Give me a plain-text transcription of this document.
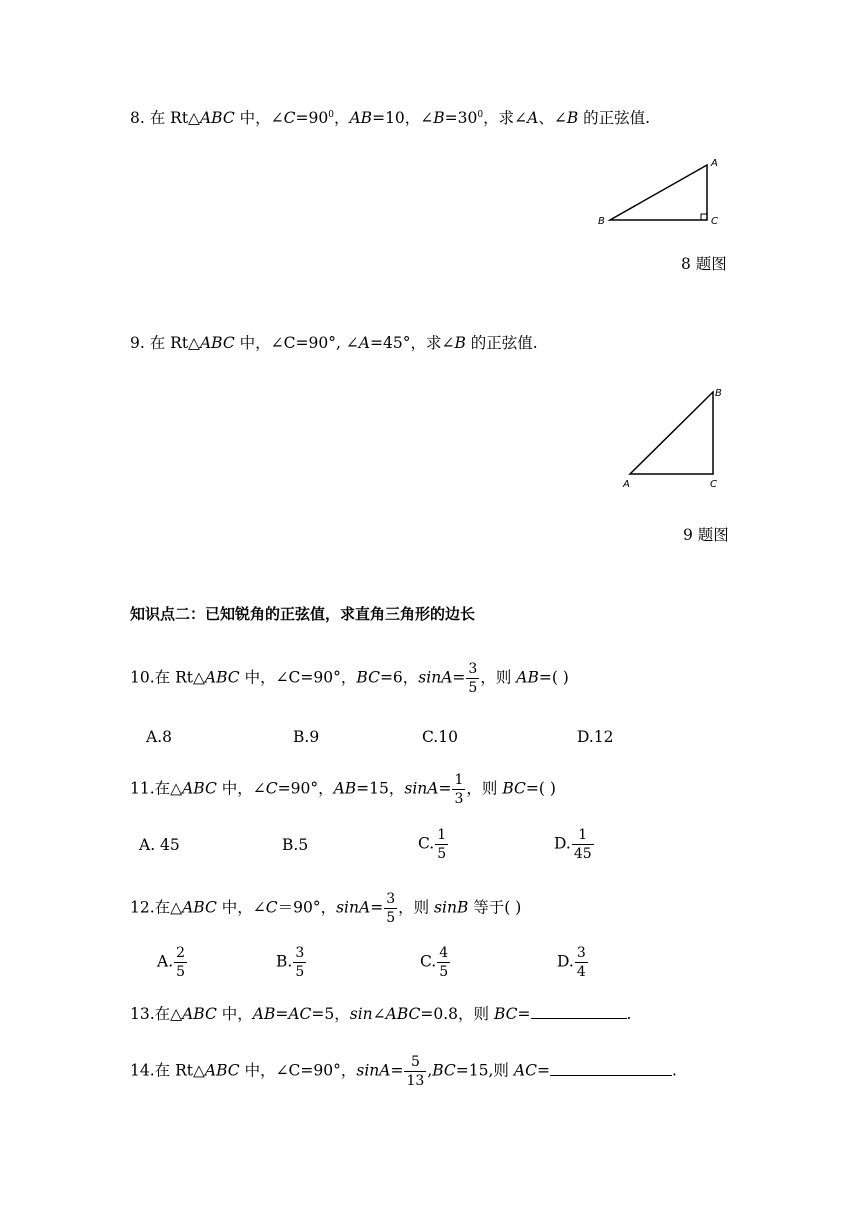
8. 在 Rt△ABC 中，$\angle C=90^0$，AB=10，$\angle B=30^0$，求∠A、∠B 的正弦值.
A
B	C
8 题图
9. 在 Rt△ABC 中，∠C=90°, ∠A=45°，求∠B 的正弦值.
B
A	C
9 题图
知识点二：已知锐角的正弦值，求直角三角形的边长
10.在 Rt△ABC 中，∠C=90°，BC=6，$\sin A= \frac{3}{5}$ ，则 AB=( )
A.8	B.9	C.10	D.12
11.在△ABC 中，∠C=90°，AB=15，$\sin A= \frac{1}{3}$ ，则 BC=( )
A. 45	B.5	C. $\frac{1}{5}$	D. $\frac{1}{45}$
12.在△ABC 中，∠C＝90°，$\sin A= \frac{3}{5}$ ，则 sinB 等于( )
A. $\frac{2}{5}$	B. $\frac{3}{5}$	C. $\frac{4}{5}$	D. $\frac{3}{4}$
13.在△ABC 中，AB=AC=5，sin∠ABC=0.8，则 BC=	.
14.在 Rt△ABC 中，∠C=90°，$\sin A= \frac{5}{13} ,BC=15$,则 AC=	.
